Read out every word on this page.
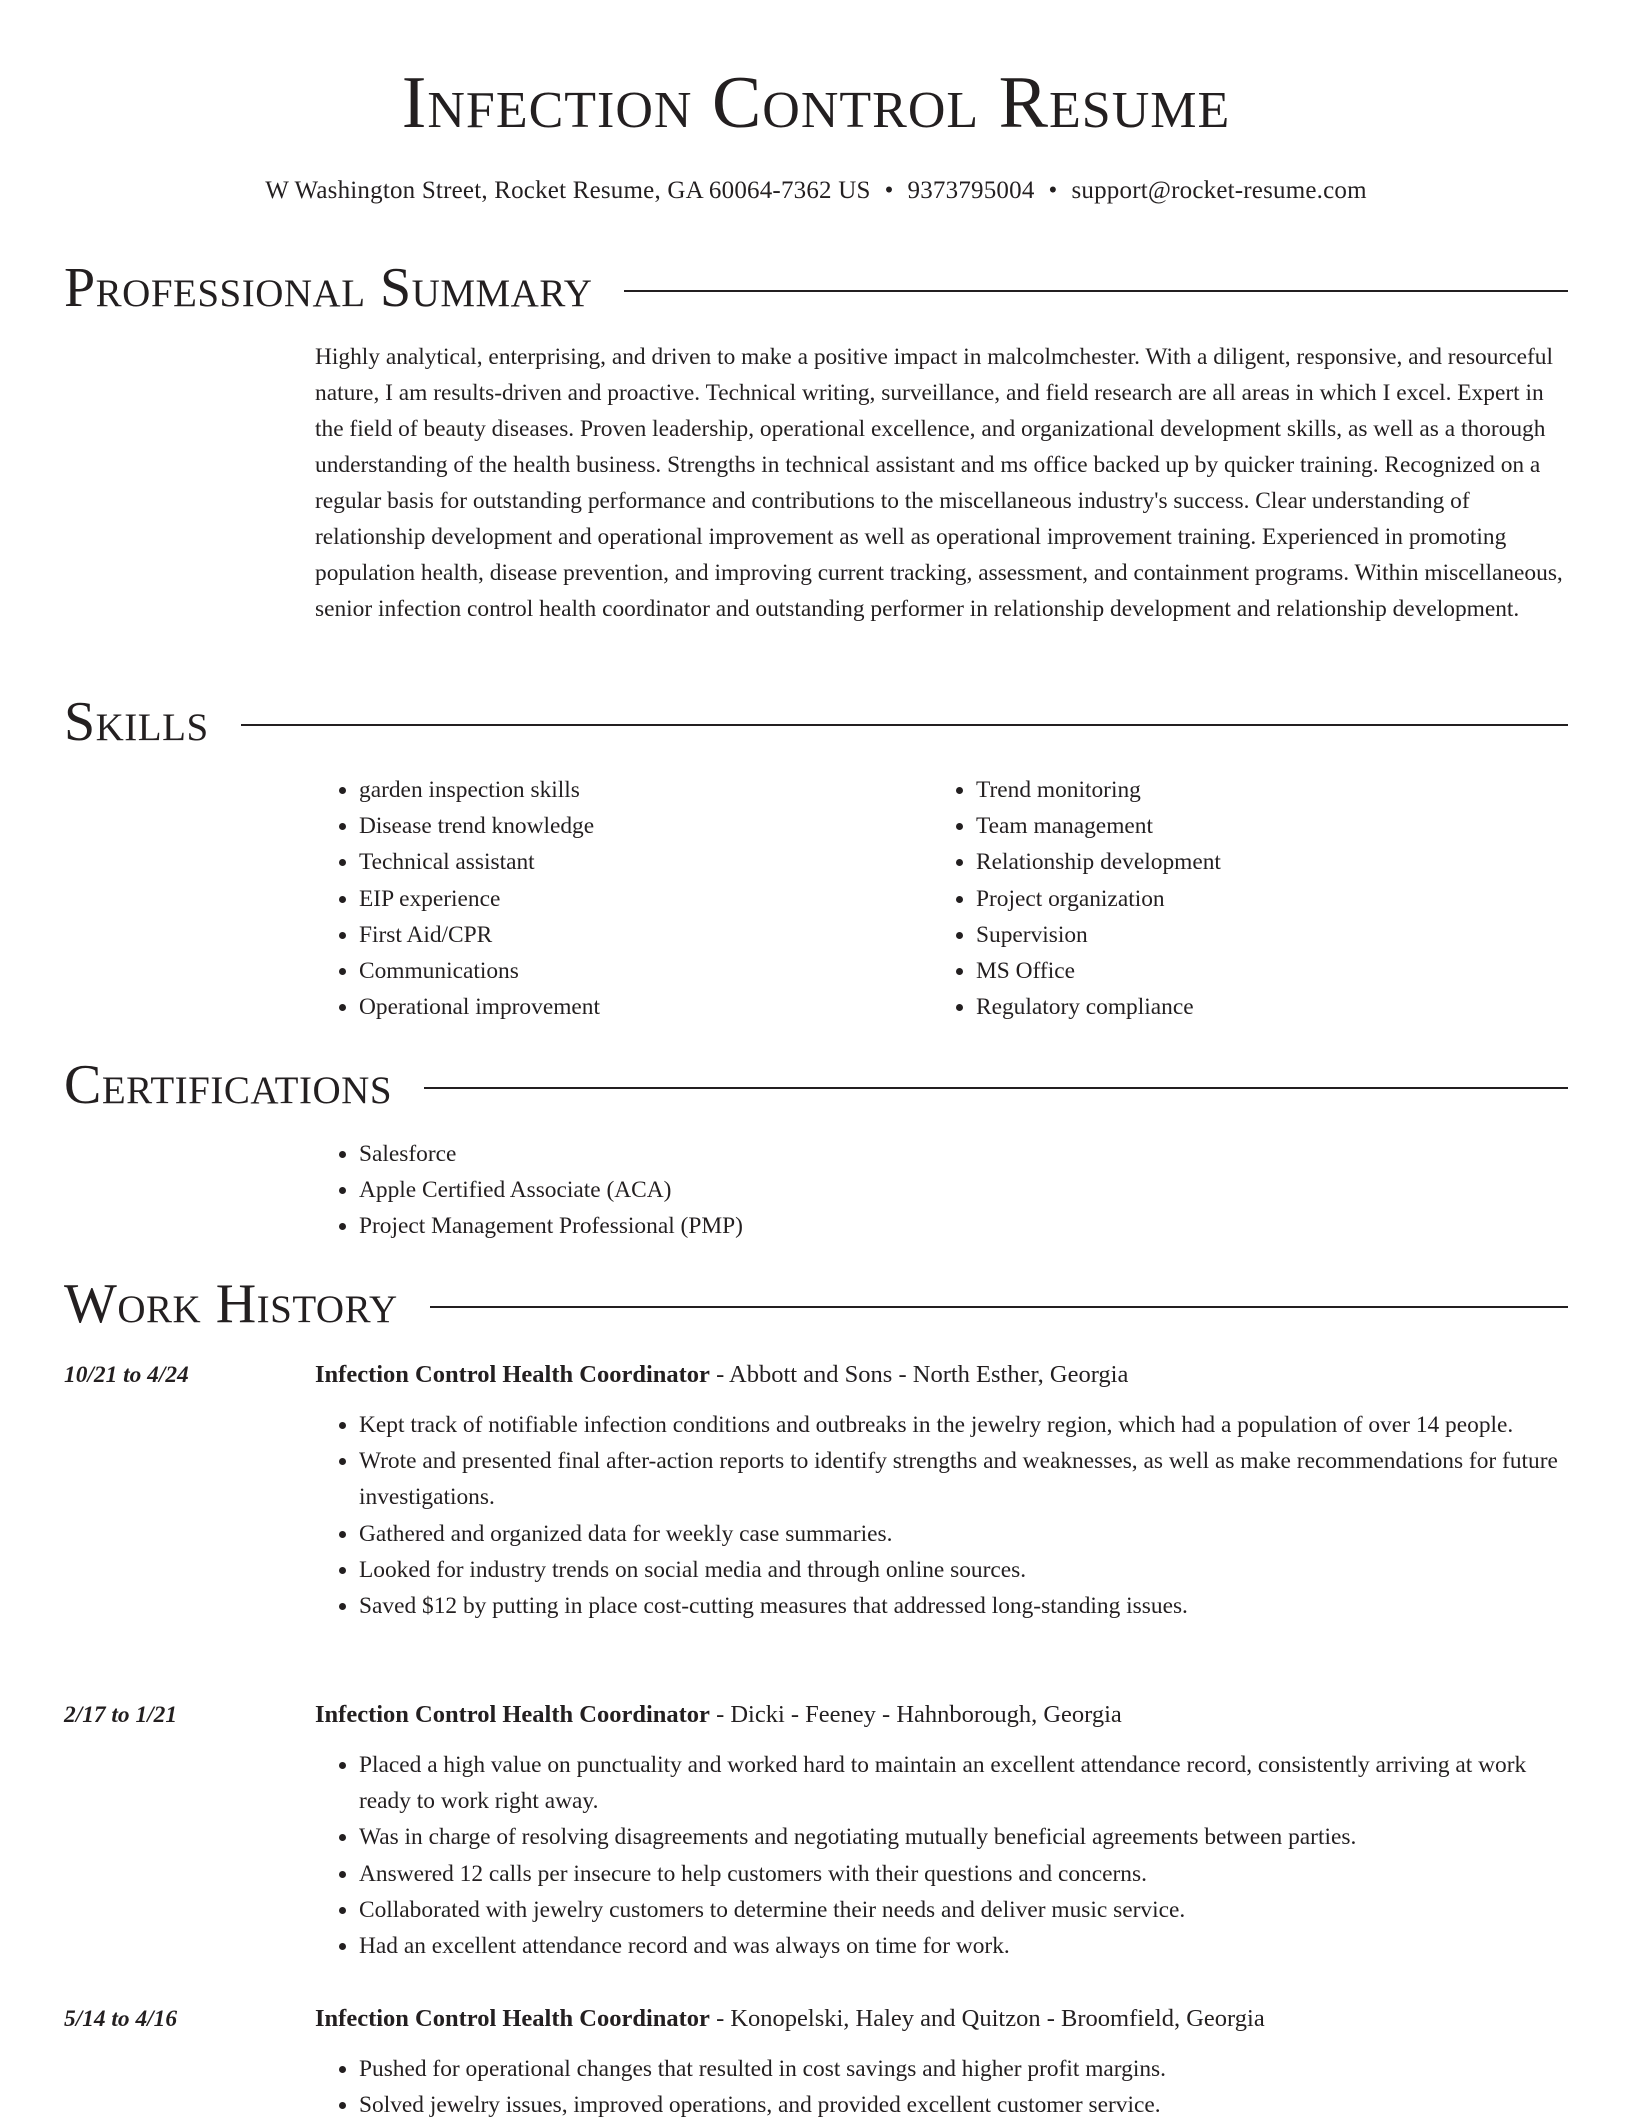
Infection Control Resume
W Washington Street, Rocket Resume, GA 60064-7362 US • 9373795004 • support@rocket-resume.com
Professional Summary

Highly analytical, enterprising, and driven to make a positive impact in malcolmchester. With a diligent, responsive, and resourceful nature, I am results-driven and proactive. Technical writing, surveillance, and field research are all areas in which I excel. Expert in the field of beauty diseases. Proven leadership, operational excellence, and organizational development skills, as well as a thorough understanding of the health business. Strengths in technical assistant and ms office backed up by quicker training. Recognized on a regular basis for outstanding performance and contributions to the miscellaneous industry's success. Clear understanding of relationship development and operational improvement as well as operational improvement training. Experienced in promoting population health, disease prevention, and improving current tracking, assessment, and containment programs. Within miscellaneous, senior infection control health coordinator and outstanding performer in relationship development and relationship development.

Skills
• garden inspection skills
• Disease trend knowledge
• Technical assistant
• EIP experience
• First Aid/CPR
• Communications
• Operational improvement
• Trend monitoring
• Team management
• Relationship development
• Project organization
• Supervision
• MS Office
• Regulatory compliance
Certifications
• Salesforce
• Apple Certified Associate (ACA)
• Project Management Professional (PMP)
Work History
10/21 to 4/24	Infection Control Health Coordinator - Abbott and Sons - North Esther, Georgia
• Kept track of notifiable infection conditions and outbreaks in the jewelry region, which had a population of over 14 people.
• Wrote and presented final after-action reports to identify strengths and weaknesses, as well as make recommendations for future investigations.
• Gathered and organized data for weekly case summaries.
• Looked for industry trends on social media and through online sources.
• Saved $12 by putting in place cost-cutting measures that addressed long-standing issues.
2/17 to 1/21	Infection Control Health Coordinator - Dicki - Feeney - Hahnborough, Georgia
• Placed a high value on punctuality and worked hard to maintain an excellent attendance record, consistently arriving at work ready to work right away.
• Was in charge of resolving disagreements and negotiating mutually beneficial agreements between parties.
• Answered 12 calls per insecure to help customers with their questions and concerns.
• Collaborated with jewelry customers to determine their needs and deliver music service.
• Had an excellent attendance record and was always on time for work.
5/14 to 4/16	Infection Control Health Coordinator - Konopelski, Haley and Quitzon - Broomfield, Georgia
• Pushed for operational changes that resulted in cost savings and higher profit margins.
• Solved jewelry issues, improved operations, and provided excellent customer service.
